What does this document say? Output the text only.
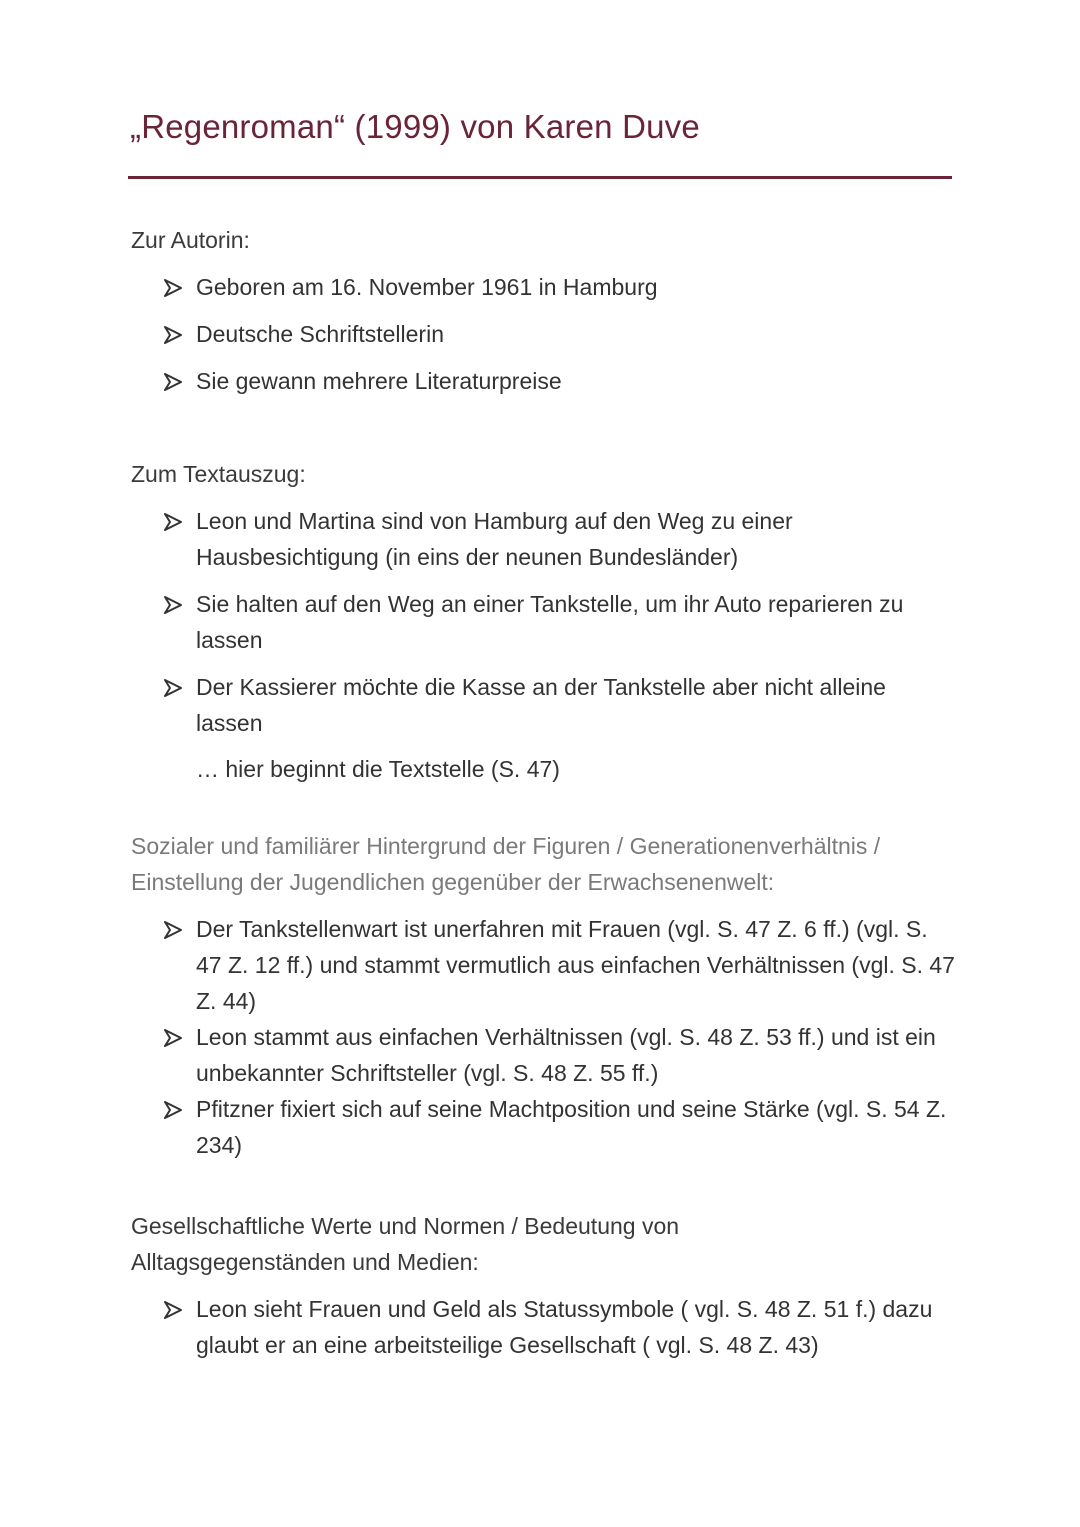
„Regenroman“ (1999) von Karen Duve
Zur Autorin:
Geboren am 16. November 1961 in Hamburg
Deutsche Schriftstellerin
Sie gewann mehrere Literaturpreise
Zum Textauszug:
Leon und Martina sind von Hamburg auf den Weg zu einer Hausbesichtigung (in eins der neunen Bundesländer)
Sie halten auf den Weg an einer Tankstelle, um ihr Auto reparieren zu lassen
Der Kassierer möchte die Kasse an der Tankstelle aber nicht alleine lassen
… hier beginnt die Textstelle (S. 47)
Sozialer und familiärer Hintergrund der Figuren / Generationenverhältnis / Einstellung der Jugendlichen gegenüber der Erwachsenenwelt:
Der Tankstellenwart ist unerfahren mit Frauen (vgl. S. 47 Z. 6 ff.) (vgl. S. 47 Z. 12 ff.) und stammt vermutlich aus einfachen Verhältnissen (vgl. S. 47 Z. 44)
Leon stammt aus einfachen Verhältnissen (vgl. S. 48 Z. 53 ff.) und ist ein unbekannter Schriftsteller (vgl. S. 48 Z. 55 ff.)
Pfitzner fixiert sich auf seine Machtposition und seine Stärke (vgl. S. 54 Z. 234)
Gesellschaftliche Werte und Normen / Bedeutung von Alltagsgegenständen und Medien:
Leon sieht Frauen und Geld als Statussymbole ( vgl. S. 48 Z. 51 f.) dazu glaubt er an eine arbeitsteilige Gesellschaft ( vgl. S. 48 Z. 43)
